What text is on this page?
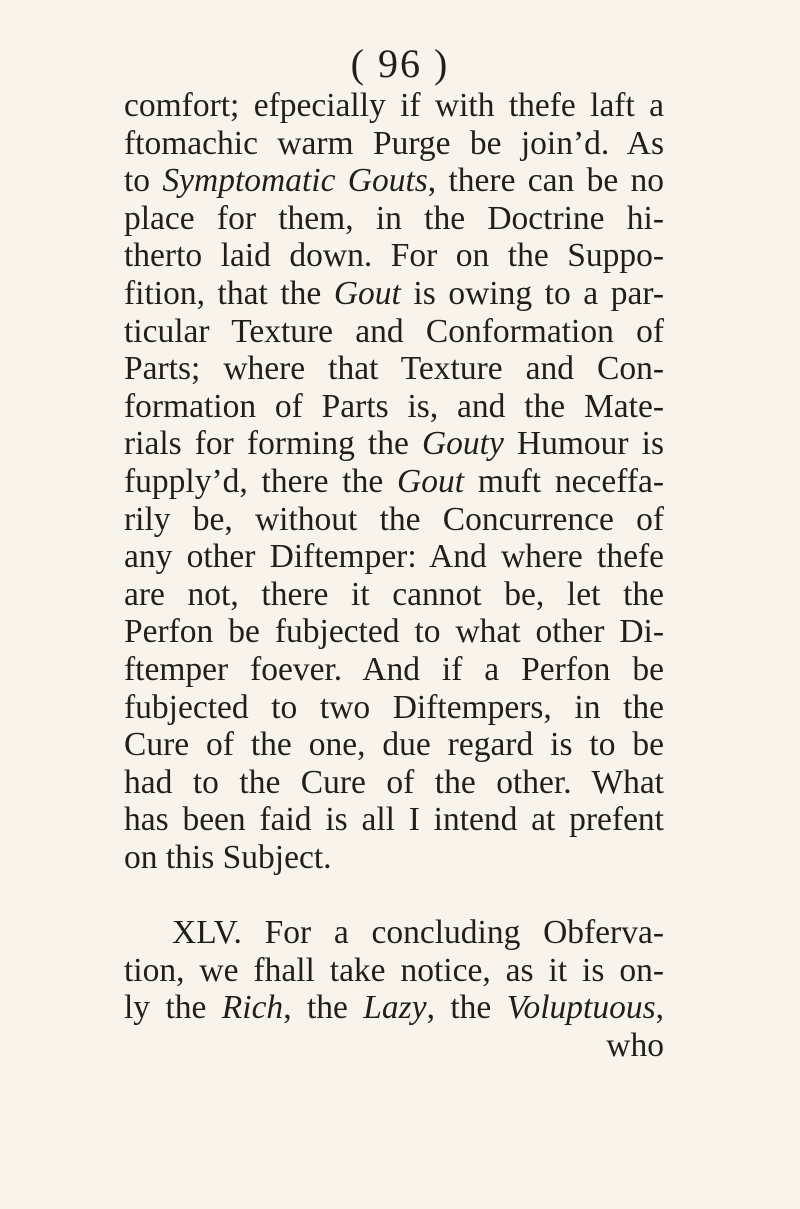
( 96 )
comfort; efpecially if with thefe laft a
ftomachic warm Purge be join’d. As
to Symptomatic Gouts, there can be no
place for them, in the Doctrine hi-
therto laid down. For on the Suppo-
fition, that the Gout is owing to a par-
ticular Texture and Conformation of
Parts; where that Texture and Con-
formation of Parts is, and the Mate-
rials for forming the Gouty Humour is
fupply’d, there the Gout muft neceffa-
rily be, without the Concurrence of
any other Diftemper: And where thefe
are not, there it cannot be, let the
Perfon be fubjected to what other Di-
ftemper foever. And if a Perfon be
fubjected to two Diftempers, in the
Cure of the one, due regard is to be
had to the Cure of the other. What
has been faid is all I intend at prefent
on this Subject.
XLV. For a concluding Obferva-
tion, we fhall take notice, as it is on-
ly the Rich, the Lazy, the Voluptuous,
who
